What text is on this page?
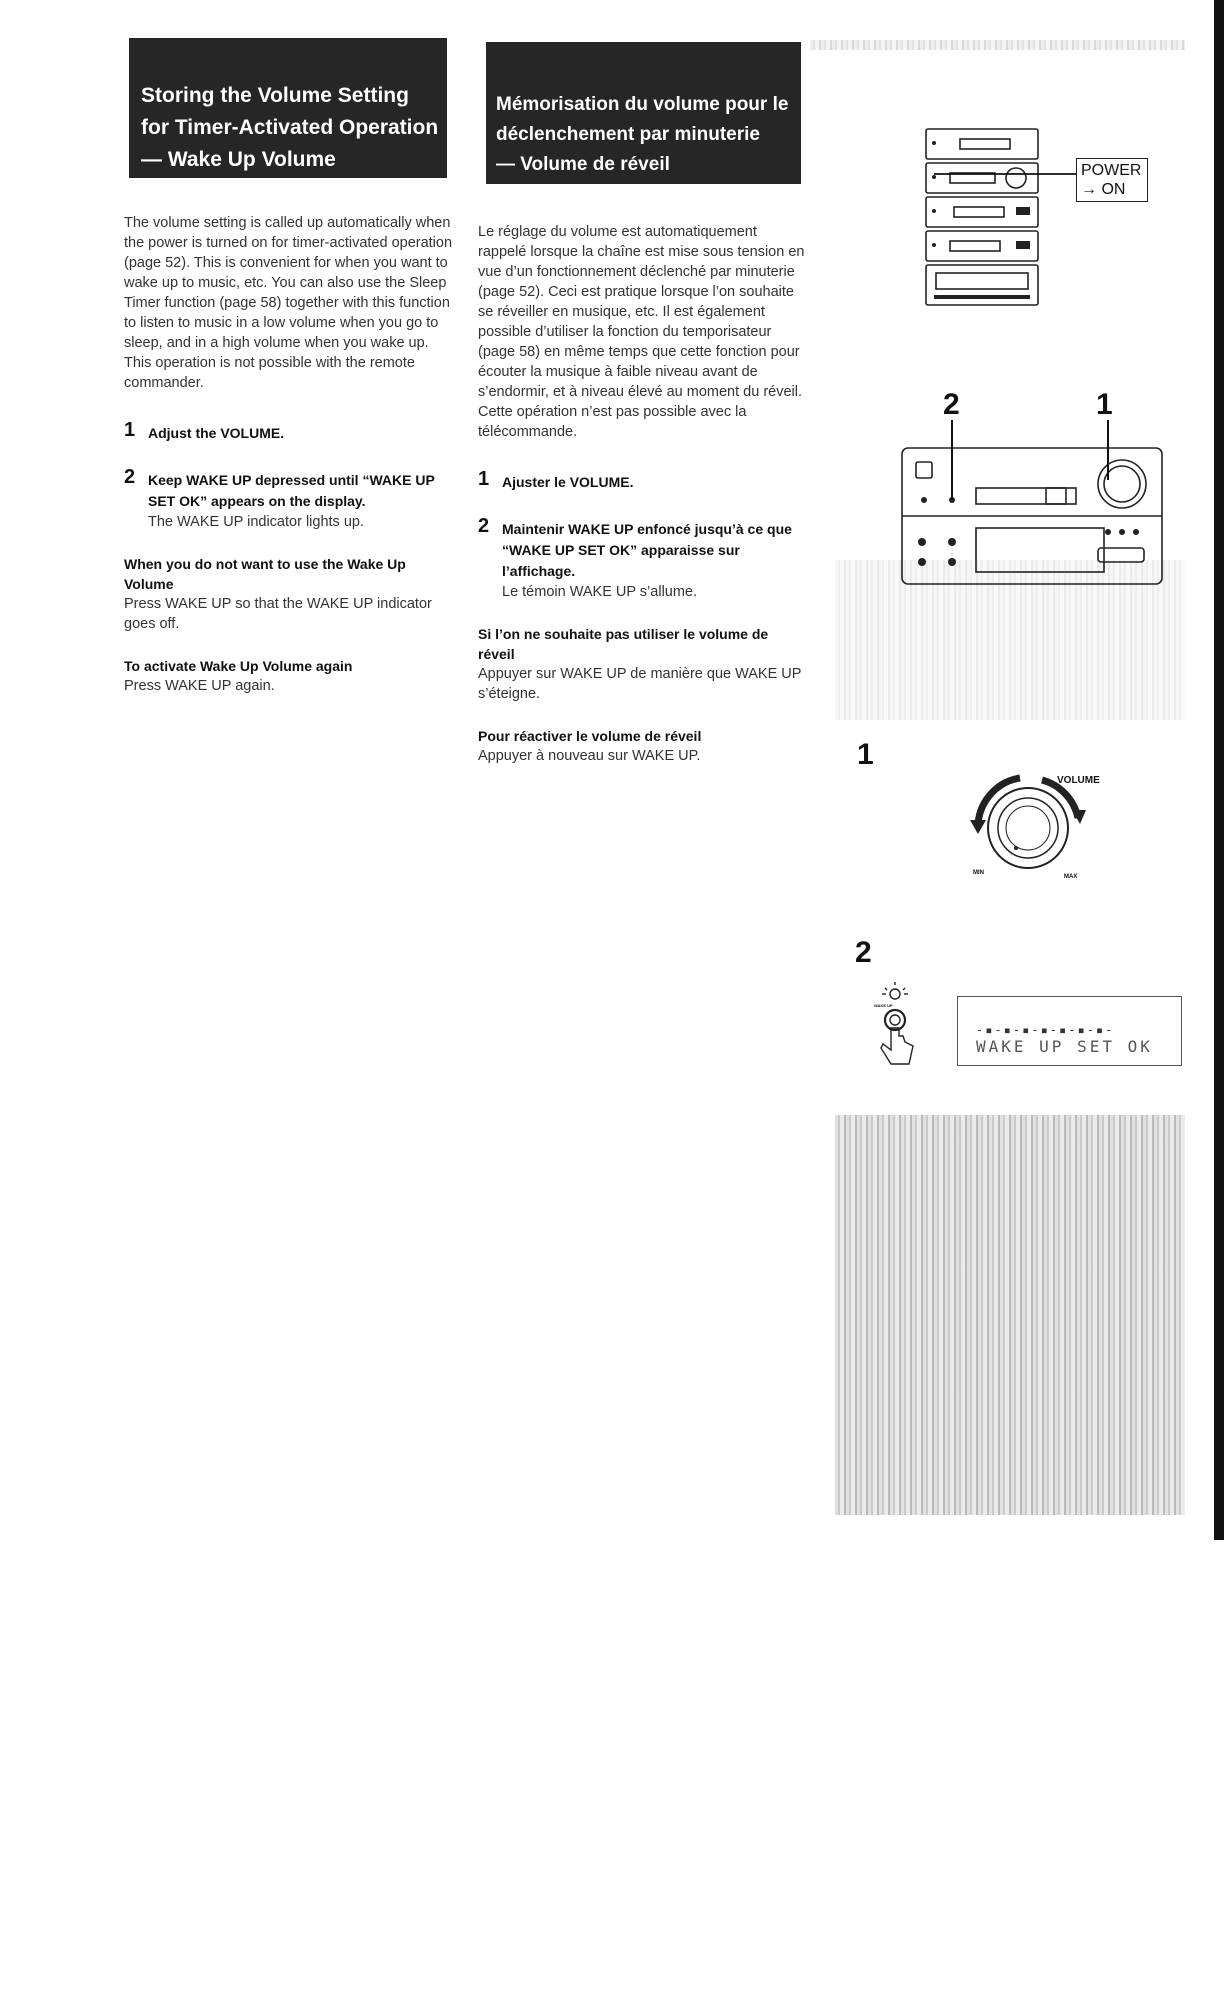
Storing the Volume Setting
for Timer-Activated Operation
— Wake Up Volume
Mémorisation du volume pour le
déclenchement par minuterie
— Volume de réveil

The volume setting is called up automatically when the power is turned on for timer-activated operation (page 52). This is convenient for when you want to wake up to music, etc. You can also use the Sleep Timer function (page 58) together with this function to listen to music in a low volume when you go to sleep, and in a high volume when you wake up.

This operation is not possible with the remote commander.

1 Adjust the VOLUME.
2 Keep WAKE UP depressed until “WAKE UP SET OK” appears on the display.
The WAKE UP indicator lights up.
When you do not want to use the Wake Up Volume

Press WAKE UP so that the WAKE UP indicator goes off.

To activate Wake Up Volume again

Press WAKE UP again.

Le réglage du volume est automatiquement rappelé lorsque la chaîne est mise sous tension en vue d’un fonctionnement déclenché par minuterie (page 52). Ceci est pratique lorsque l’on souhaite se réveiller en musique, etc. Il est également possible d’utiliser la fonction du temporisateur (page 58) en même temps que cette fonction pour écouter la musique à faible niveau avant de s’endormir, et à niveau élevé au moment du réveil.

Cette opération n’est pas possible avec la télécommande.

1 Ajuster le VOLUME.
2 Maintenir WAKE UP enfoncé jusqu’à ce que “WAKE UP SET OK” apparaisse sur l’affichage.
Le témoin WAKE UP s’allume.
Si l’on ne souhaite pas utiliser le volume de réveil

Appuyer sur WAKE UP de manière que WAKE UP s’éteigne.

Pour réactiver le volume de réveil

Appuyer à nouveau sur WAKE UP.

POWER
→ ON
2	1
1
VOLUME
MIN
MAX
2
WAKE UP
-▪-▪-▪-▪-▪-▪-▪-
WAKE UP SET OK
